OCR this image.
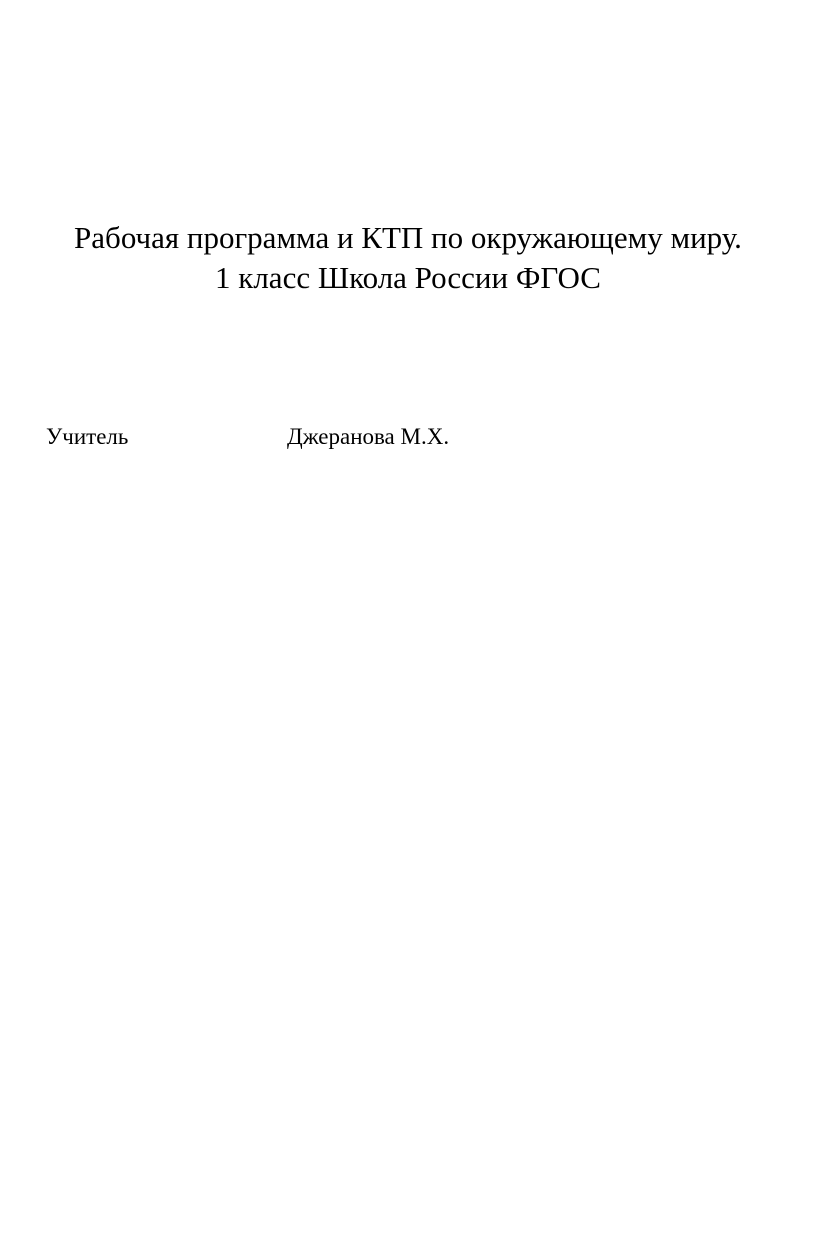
Рабочая программа и КТП по окружающему миру.
1 класс Школа России ФГОС
Учитель	Джеранова М.Х.
